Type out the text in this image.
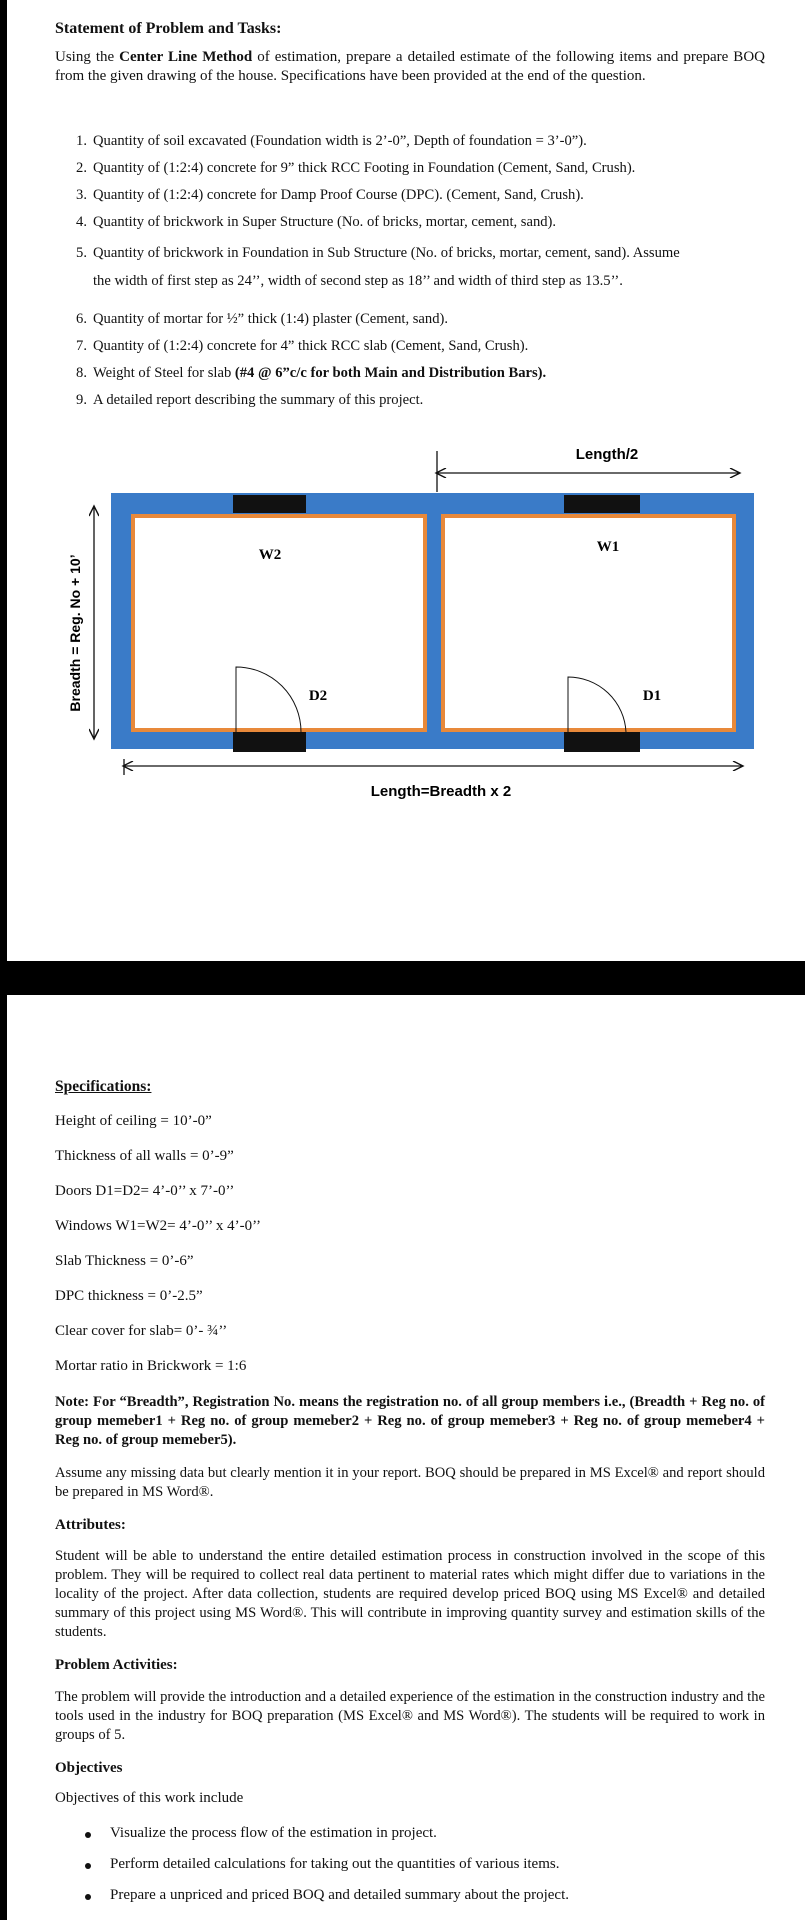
Statement of Problem and Tasks:
Using the Center Line Method of estimation, prepare a detailed estimate of the following items and prepare BOQ from the given drawing of the house. Specifications have been provided at the end of the question.
1. Quantity of soil excavated (Foundation width is 2’-0”, Depth of foundation = 3’-0”).
2. Quantity of (1:2:4) concrete for 9” thick RCC Footing in Foundation (Cement, Sand, Crush).
3. Quantity of (1:2:4) concrete for Damp Proof Course (DPC). (Cement, Sand, Crush).
4. Quantity of brickwork in Super Structure (No. of bricks, mortar, cement, sand).
5. Quantity of brickwork in Foundation in Sub Structure (No. of bricks, mortar, cement, sand). Assume
the width of first step as 24’’, width of second step as 18’’ and width of third step as 13.5’’.
6. Quantity of mortar for ½” thick (1:4) plaster (Cement, sand).
7. Quantity of (1:2:4) concrete for 4” thick RCC slab (Cement, Sand, Crush).
8. Weight of Steel for slab (#4 @ 6”c/c for both Main and Distribution Bars).
9. A detailed report describing the summary of this project.
Length/2
W2	W1
D2	D1
Breadth = Reg. No + 10’
Length=Breadth x 2
Specifications:
Height of ceiling = 10’-0”
Thickness of all walls = 0’-9”
Doors D1=D2= 4’-0’’ x 7’-0’’
Windows W1=W2= 4’-0’’ x 4’-0’’
Slab Thickness = 0’-6”
DPC thickness = 0’-2.5”
Clear cover for slab= 0’- ¾’’
Mortar ratio in Brickwork = 1:6
Note: For “Breadth”, Registration No. means the registration no. of all group members i.e., (Breadth + Reg no. of group memeber1 + Reg no. of group memeber2 + Reg no. of group memeber3 + Reg no. of group memeber4 + Reg no. of group memeber5).
Assume any missing data but clearly mention it in your report. BOQ should be prepared in MS Excel® and report should be prepared in MS Word®.
Attributes:
Student will be able to understand the entire detailed estimation process in construction involved in the scope of this problem. They will be required to collect real data pertinent to material rates which might differ due to variations in the locality of the project. After data collection, students are required develop priced BOQ using MS Excel® and detailed summary of this project using MS Word®. This will contribute in improving quantity survey and estimation skills of the students.
Problem Activities:
The problem will provide the introduction and a detailed experience of the estimation in the construction industry and the tools used in the industry for BOQ preparation (MS Excel® and MS Word®). The students will be required to work in groups of 5.
Objectives
Objectives of this work include
Visualize the process flow of the estimation in project.
Perform detailed calculations for taking out the quantities of various items.
Prepare a unpriced and priced BOQ and detailed summary about the project.
